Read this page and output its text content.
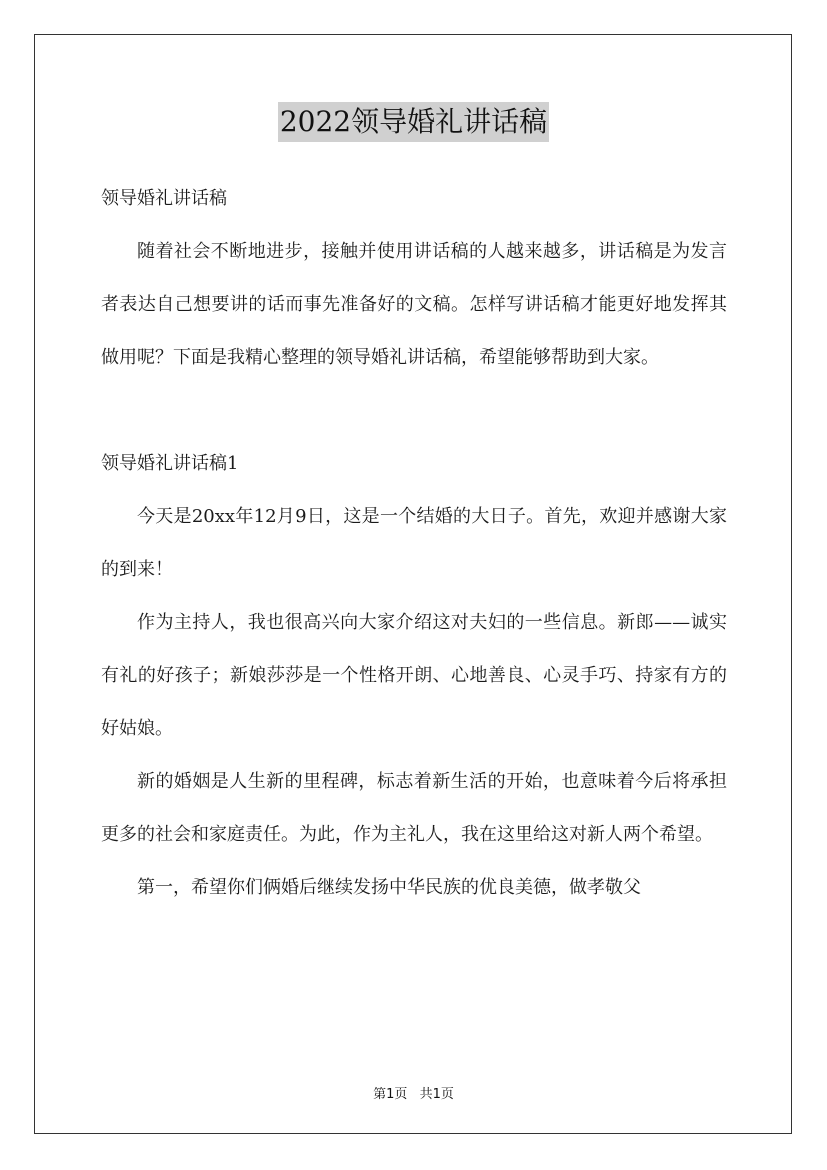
2022领导婚礼讲话稿

领导婚礼讲话稿

随着社会不断地进步，接触并使用讲话稿的人越来越多，讲话稿是为发言者表达自己想要讲的话而事先准备好的文稿。怎样写讲话稿才能更好地发挥其做用呢？下面是我精心整理的领导婚礼讲话稿，希望能够帮助到大家。

领导婚礼讲话稿1

今天是20xx年12月9日，这是一个结婚的大日子。首先，欢迎并感谢大家的到来！

作为主持人，我也很高兴向大家介绍这对夫妇的一些信息。新郎——诚实有礼的好孩子；新娘莎莎是一个性格开朗、心地善良、心灵手巧、持家有方的好姑娘。

新的婚姻是人生新的里程碑，标志着新生活的开始，也意味着今后将承担更多的社会和家庭责任。为此，作为主礼人，我在这里给这对新人两个希望。

第一，希望你们俩婚后继续发扬中华民族的优良美德，做孝敬父

第1页 共1页
